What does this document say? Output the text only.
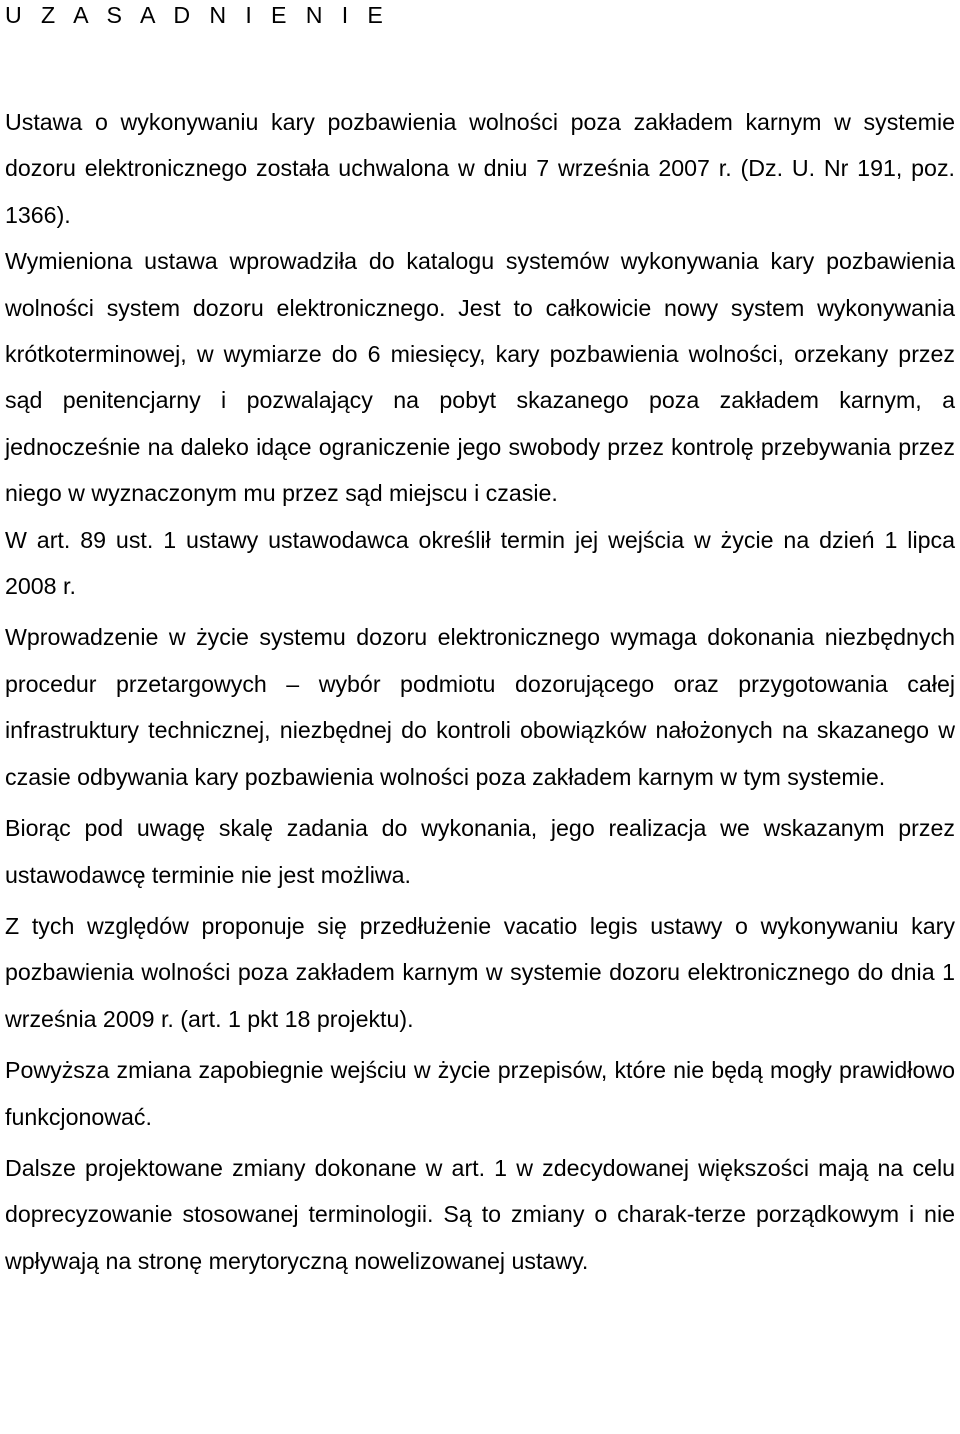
U Z A S A D N I E N I E

Ustawa o wykonywaniu kary pozbawienia wolności poza zakładem karnym w systemie dozoru elektronicznego została uchwalona w dniu 7 września 2007 r. (Dz. U. Nr 191, poz. 1366).

Wymieniona ustawa wprowadziła do katalogu systemów wykonywania kary pozbawienia wolności system dozoru elektronicznego. Jest to całkowicie nowy system wykonywania krótkoterminowej, w wymiarze do 6 miesięcy, kary pozbawienia wolności, orzekany przez sąd penitencjarny i pozwalający na pobyt skazanego poza zakładem karnym, a jednocześnie na daleko idące ograniczenie jego swobody przez kontrolę przebywania przez niego w wyznaczonym mu przez sąd miejscu i czasie.

W art. 89 ust. 1 ustawy ustawodawca określił termin jej wejścia w życie na dzień 1 lipca 2008 r.

Wprowadzenie w życie systemu dozoru elektronicznego wymaga dokonania niezbędnych procedur przetargowych – wybór podmiotu dozorującego oraz przygotowania całej infrastruktury technicznej, niezbędnej do kontroli obowiązków nałożonych na skazanego w czasie odbywania kary pozbawienia wolności poza zakładem karnym w tym systemie.

Biorąc pod uwagę skalę zadania do wykonania, jego realizacja we wskazanym przez ustawodawcę terminie nie jest możliwa.

Z tych względów proponuje się przedłużenie vacatio legis ustawy o wykonywaniu kary pozbawienia wolności poza zakładem karnym w systemie dozoru elektronicznego do dnia 1 września 2009 r. (art. 1 pkt 18 projektu).

Powyższa zmiana zapobiegnie wejściu w życie przepisów, które nie będą mogły prawidłowo funkcjonować.

Dalsze projektowane zmiany dokonane w art. 1 w zdecydowanej większości mają na celu doprecyzowanie stosowanej terminologii. Są to zmiany o charak-terze porządkowym i nie wpływają na stronę merytoryczną nowelizowanej ustawy.
